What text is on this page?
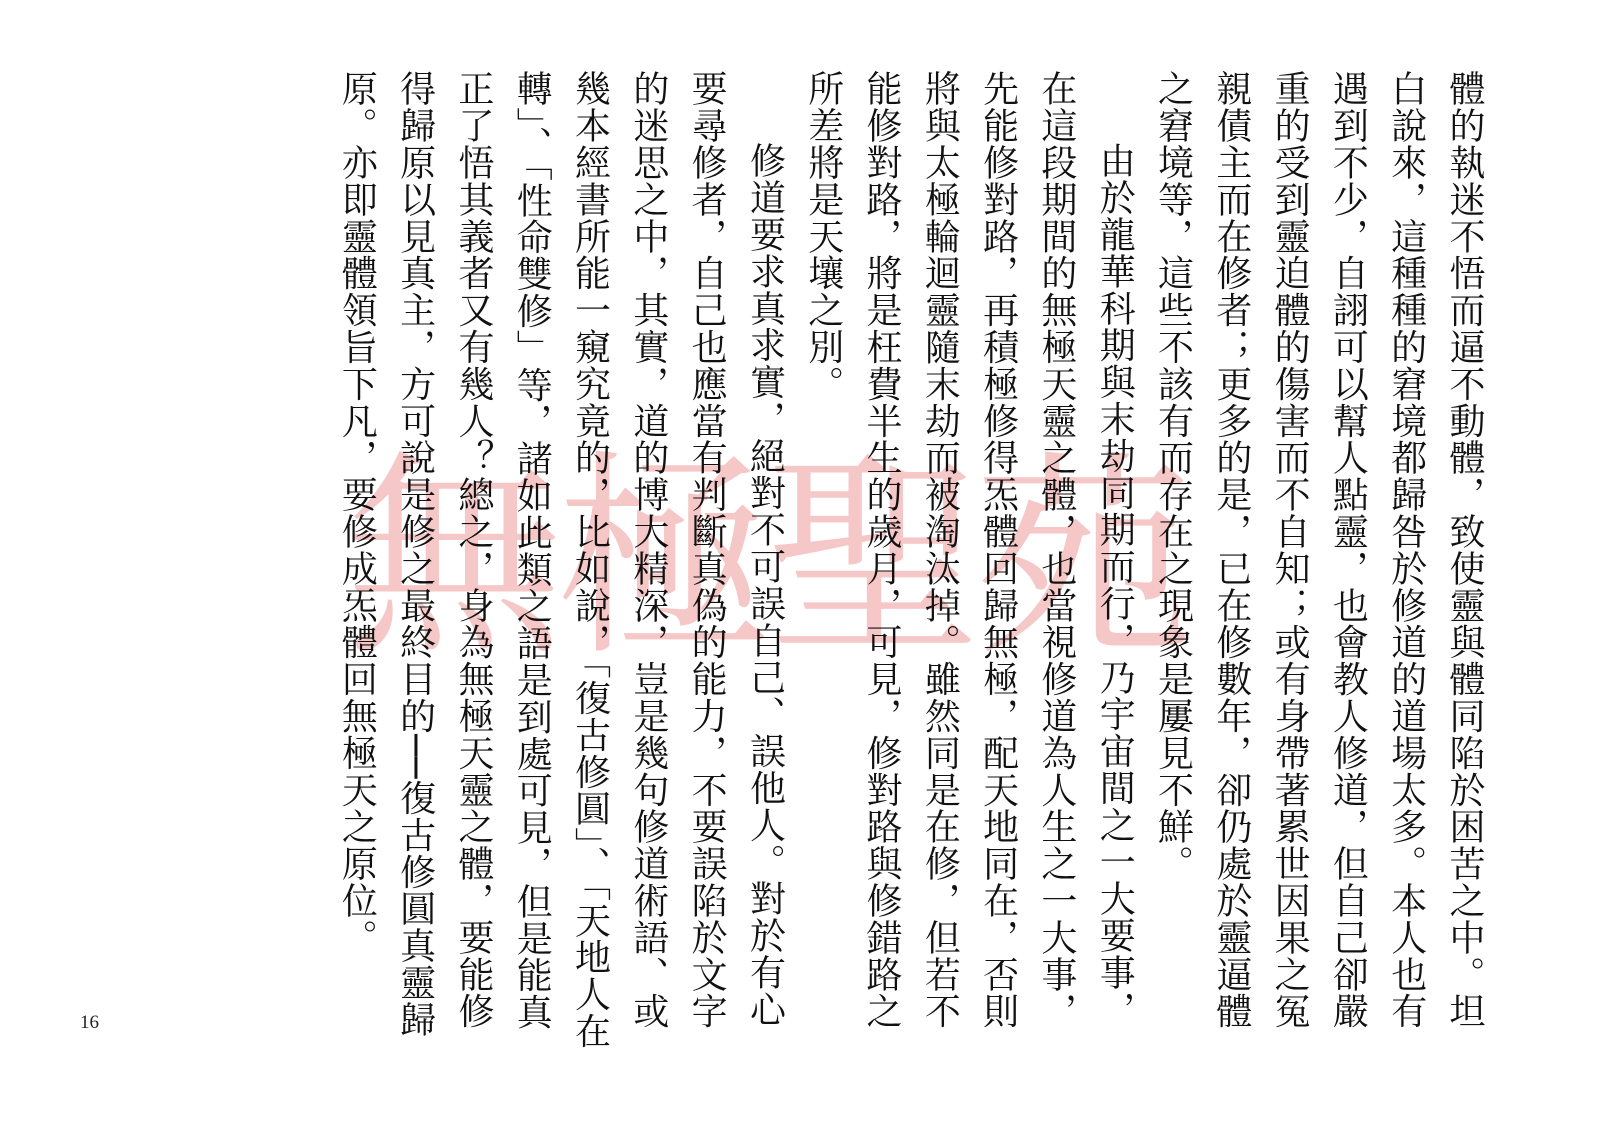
無極聖苑	體的執迷不悟而逼不動體，致使靈與體同陷於困苦之中。坦白說來，這種種的窘境都歸咎於修道的道場太多。本人也有遇到不少，自詡可以幫人點靈，也會教人修道，但自己卻嚴重的受到靈迫體的傷害而不自知；或有身帶著累世因果之冤親債主而在修者；更多的是，已在修數年，卻仍處於靈逼體之窘境等，這些不該有而存在之現象是屢見不鮮。

由於龍華科期與末劫同期而行，乃宇宙間之一大要事，在這段期間的無極天靈之體，也當視修道為人生之一大事，先能修對路，再積極修得炁體回歸無極，配天地同在，否則將與太極輪迴靈隨末劫而被淘汰掉。雖然同是在修，但若不能修對路，將是枉費半生的歲月，可見，修對路與修錯路之所差將是天壤之別。

修道要求真求實，絕對不可誤自己、誤他人。對於有心要尋修者，自己也應當有判斷真偽的能力，不要誤陷於文字的迷思之中，其實，道的博大精深，豈是幾句修道術語、或幾本經書所能一窺究竟的，比如說，「復古修圓」、「天地人在轉」、「性命雙修」等，諸如此類之語是到處可見，但是能真正了悟其義者又有幾人？總之，身為無極天靈之體，要能修得歸原以見真主，方可說是修之最終目的──復古修圓真靈歸原。亦即靈體領旨下凡，要修成炁體回無極天之原位。

16
